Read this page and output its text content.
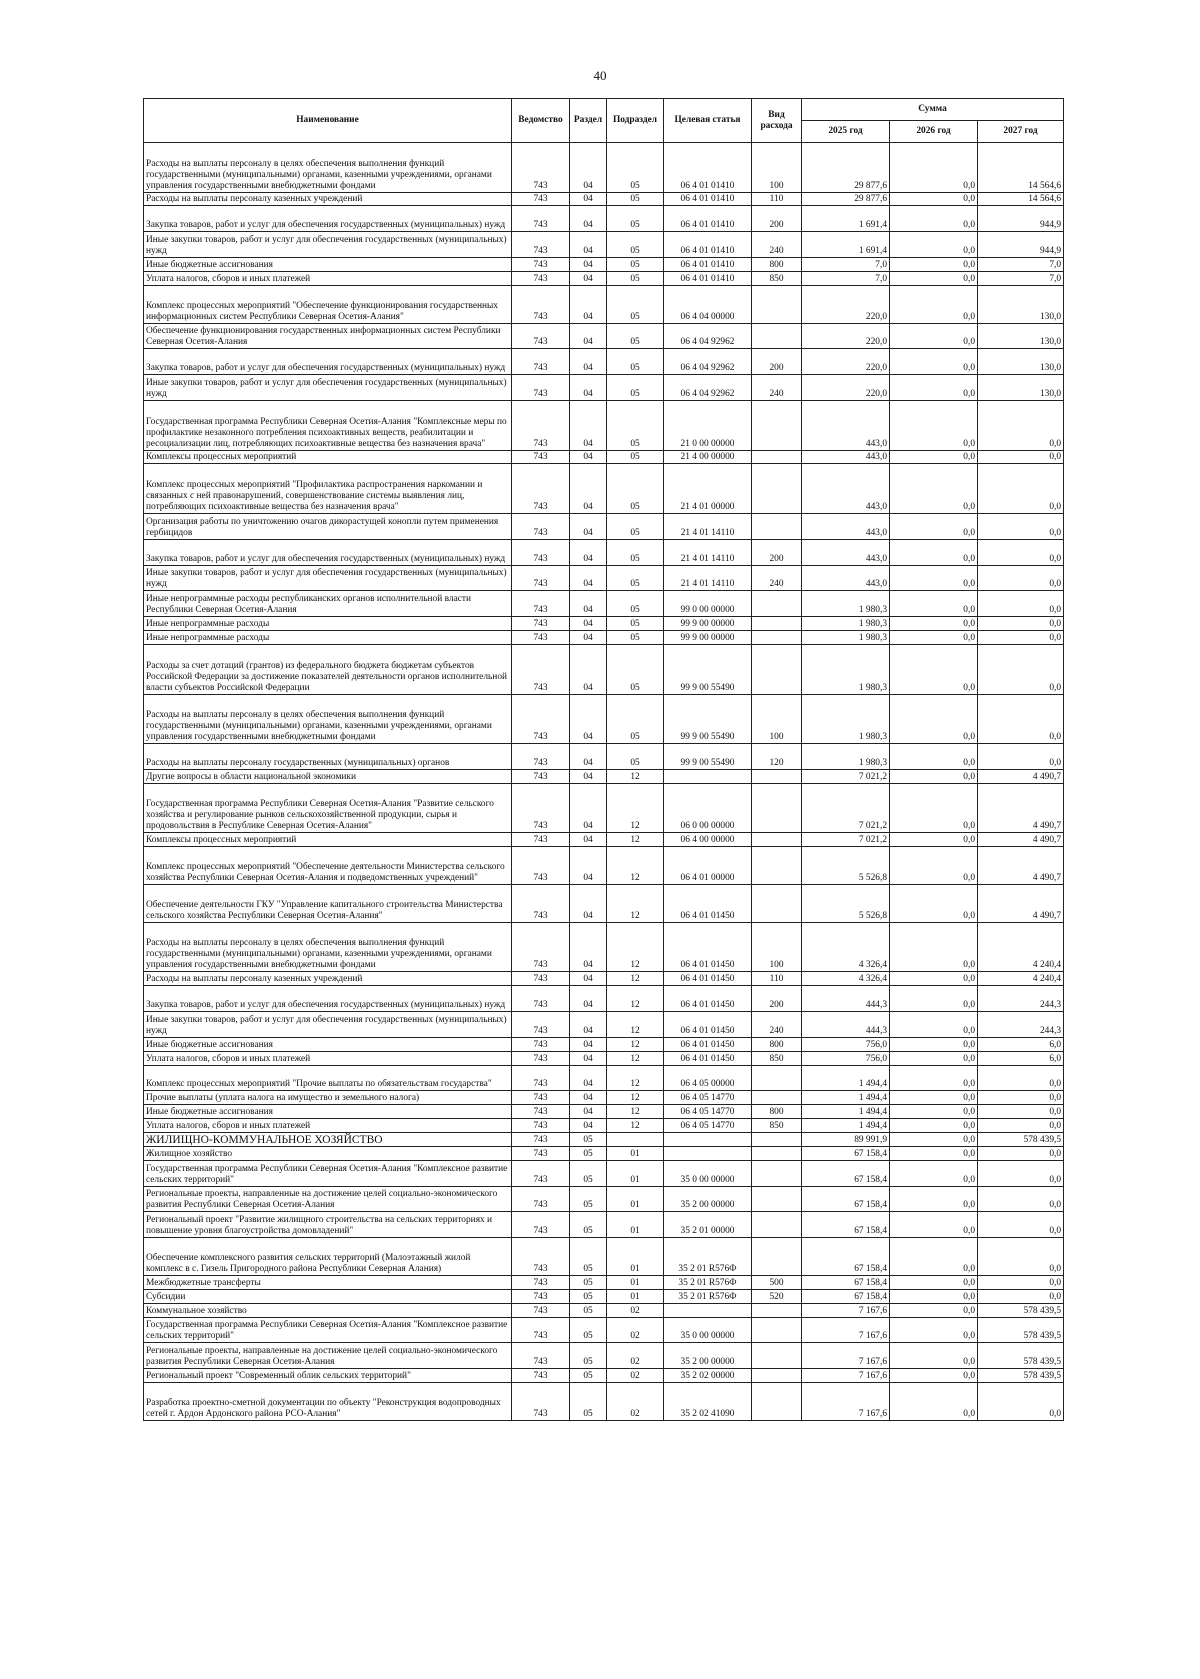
40
Наименование	Ведомство	Раздел	Подраздел	Целевая статья	Вид расхода	Сумма		
						2025 год	2026 год	2027 год
Расходы на выплаты персоналу в целях обеспечения выполнения функций государственными (муниципальными) органами, казенными учреждениями, органами управления государственными внебюджетными фондами	743	04	05	06 4 01 01410	100	29 877,6	0,0	14 564,6
Расходы на выплаты персоналу казенных учреждений	743	04	05	06 4 01 01410	110	29 877,6	0,0	14 564,6
Закупка товаров, работ и услуг для обеспечения государственных (муниципальных) нужд	743	04	05	06 4 01 01410	200	1 691,4	0,0	944,9
Иные закупки товаров, работ и услуг для обеспечения государственных (муниципальных) нужд	743	04	05	06 4 01 01410	240	1 691,4	0,0	944,9
Иные бюджетные ассигнования	743	04	05	06 4 01 01410	800	7,0	0,0	7,0
Уплата налогов, сборов и иных платежей	743	04	05	06 4 01 01410	850	7,0	0,0	7,0
Комплекс процессных мероприятий "Обеспечение функционирования государственных информационных систем Республики Северная Осетия-Алания"	743	04	05	06 4 04 00000		220,0	0,0	130,0
Обеспечение функционирования государственных информационных систем Республики Северная Осетия-Алания	743	04	05	06 4 04 92962		220,0	0,0	130,0
Закупка товаров, работ и услуг для обеспечения государственных (муниципальных) нужд	743	04	05	06 4 04 92962	200	220,0	0,0	130,0
Иные закупки товаров, работ и услуг для обеспечения государственных (муниципальных) нужд	743	04	05	06 4 04 92962	240	220,0	0,0	130,0
Государственная программа Республики Северная Осетия-Алания "Комплексные меры по профилактике незаконного потребления психоактивных веществ, реабилитации и ресоциализации лиц, потребляющих психоактивные вещества без назначения врача"	743	04	05	21 0 00 00000		443,0	0,0	0,0
Комплексы процессных мероприятий	743	04	05	21 4 00 00000		443,0	0,0	0,0
Комплекс процессных мероприятий "Профилактика распространения наркомании и связанных с ней правонарушений, совершенствование системы выявления лиц, потребляющих психоактивные вещества без назначения врача"	743	04	05	21 4 01 00000		443,0	0,0	0,0
Организация работы по уничтожению очагов дикорастущей конопли путем применения гербицидов	743	04	05	21 4 01 14110		443,0	0,0	0,0
Закупка товаров, работ и услуг для обеспечения государственных (муниципальных) нужд	743	04	05	21 4 01 14110	200	443,0	0,0	0,0
Иные закупки товаров, работ и услуг для обеспечения государственных (муниципальных) нужд	743	04	05	21 4 01 14110	240	443,0	0,0	0,0
Иные непрограммные расходы республиканских органов исполнительной власти Республики Северная Осетия-Алания	743	04	05	99 0 00 00000		1 980,3	0,0	0,0
Иные непрограммные расходы	743	04	05	99 9 00 00000		1 980,3	0,0	0,0
Иные непрограммные расходы	743	04	05	99 9 00 00000		1 980,3	0,0	0,0
Расходы за счет дотаций (грантов) из федерального бюджета бюджетам субъектов Российской Федерации за достижение показателей деятельности органов исполнительной власти субъектов Российской Федерации	743	04	05	99 9 00 55490		1 980,3	0,0	0,0
Расходы на выплаты персоналу в целях обеспечения выполнения функций государственными (муниципальными) органами, казенными учреждениями, органами управления государственными внебюджетными фондами	743	04	05	99 9 00 55490	100	1 980,3	0,0	0,0
Расходы на выплаты персоналу государственных (муниципальных) органов	743	04	05	99 9 00 55490	120	1 980,3	0,0	0,0
Другие вопросы в области национальной экономики	743	04	12			7 021,2	0,0	4 490,7
Государственная программа Республики Северная Осетия-Алания "Развитие сельского хозяйства и регулирование рынков сельскохозяйственной продукции, сырья и продовольствия в Республике Северная Осетия-Алания"	743	04	12	06 0 00 00000		7 021,2	0,0	4 490,7
Комплексы процессных мероприятий	743	04	12	06 4 00 00000		7 021,2	0,0	4 490,7
Комплекс процессных мероприятий "Обеспечение деятельности Министерства сельского хозяйства Республики Северная Осетия-Алания и подведомственных учреждений"	743	04	12	06 4 01 00000		5 526,8	0,0	4 490,7
Обеспечение деятельности ГКУ "Управление капитального строительства Министерства сельского хозяйства Республики Северная Осетия-Алания"	743	04	12	06 4 01 01450		5 526,8	0,0	4 490,7
Расходы на выплаты персоналу в целях обеспечения выполнения функций государственными (муниципальными) органами, казенными учреждениями, органами управления государственными внебюджетными фондами	743	04	12	06 4 01 01450	100	4 326,4	0,0	4 240,4
Расходы на выплаты персоналу казенных учреждений	743	04	12	06 4 01 01450	110	4 326,4	0,0	4 240,4
Закупка товаров, работ и услуг для обеспечения государственных (муниципальных) нужд	743	04	12	06 4 01 01450	200	444,3	0,0	244,3
Иные закупки товаров, работ и услуг для обеспечения государственных (муниципальных) нужд	743	04	12	06 4 01 01450	240	444,3	0,0	244,3
Иные бюджетные ассигнования	743	04	12	06 4 01 01450	800	756,0	0,0	6,0
Уплата налогов, сборов и иных платежей	743	04	12	06 4 01 01450	850	756,0	0,0	6,0
Комплекс процессных мероприятий "Прочие выплаты по обязательствам государства"	743	04	12	06 4 05 00000		1 494,4	0,0	0,0
Прочие выплаты (уплата налога на имущество и земельного налога)	743	04	12	06 4 05 14770		1 494,4	0,0	0,0
Иные бюджетные ассигнования	743	04	12	06 4 05 14770	800	1 494,4	0,0	0,0
Уплата налогов, сборов и иных платежей	743	04	12	06 4 05 14770	850	1 494,4	0,0	0,0
ЖИЛИЩНО-КОММУНАЛЬНОЕ ХОЗЯЙСТВО	743	05				89 991,9	0,0	578 439,5
Жилищное хозяйство	743	05	01			67 158,4	0,0	0,0
Государственная программа Республики Северная Осетия-Алания "Комплексное развитие сельских территорий"	743	05	01	35 0 00 00000		67 158,4	0,0	0,0
Региональные проекты, направленные на достижение целей социально-экономического развития Республики Северная Осетия-Алания	743	05	01	35 2 00 00000		67 158,4	0,0	0,0
Региональный проект "Развитие жилищного строительства на сельских территориях и повышение уровня благоустройства домовладений"	743	05	01	35 2 01 00000		67 158,4	0,0	0,0
Обеспечение комплексного развития сельских территорий (Малоэтажный жилой комплекс в с. Гизель Пригородного района Республики Северная Алания)	743	05	01	35 2 01 R576Ф		67 158,4	0,0	0,0
Межбюджетные трансферты	743	05	01	35 2 01 R576Ф	500	67 158,4	0,0	0,0
Субсидии	743	05	01	35 2 01 R576Ф	520	67 158,4	0,0	0,0
Коммунальное хозяйство	743	05	02			7 167,6	0,0	578 439,5
Государственная программа Республики Северная Осетия-Алания "Комплексное развитие сельских территорий"	743	05	02	35 0 00 00000		7 167,6	0,0	578 439,5
Региональные проекты, направленные на достижение целей социально-экономического развития Республики Северная Осетия-Алания	743	05	02	35 2 00 00000		7 167,6	0,0	578 439,5
Региональный проект "Современный облик сельских территорий"	743	05	02	35 2 02 00000		7 167,6	0,0	578 439,5
Разработка проектно-сметной документации по объекту "Реконструкция водопроводных сетей г. Ардон Ардонского района РСО-Алания"	743	05	02	35 2 02 41090		7 167,6	0,0	0,0
